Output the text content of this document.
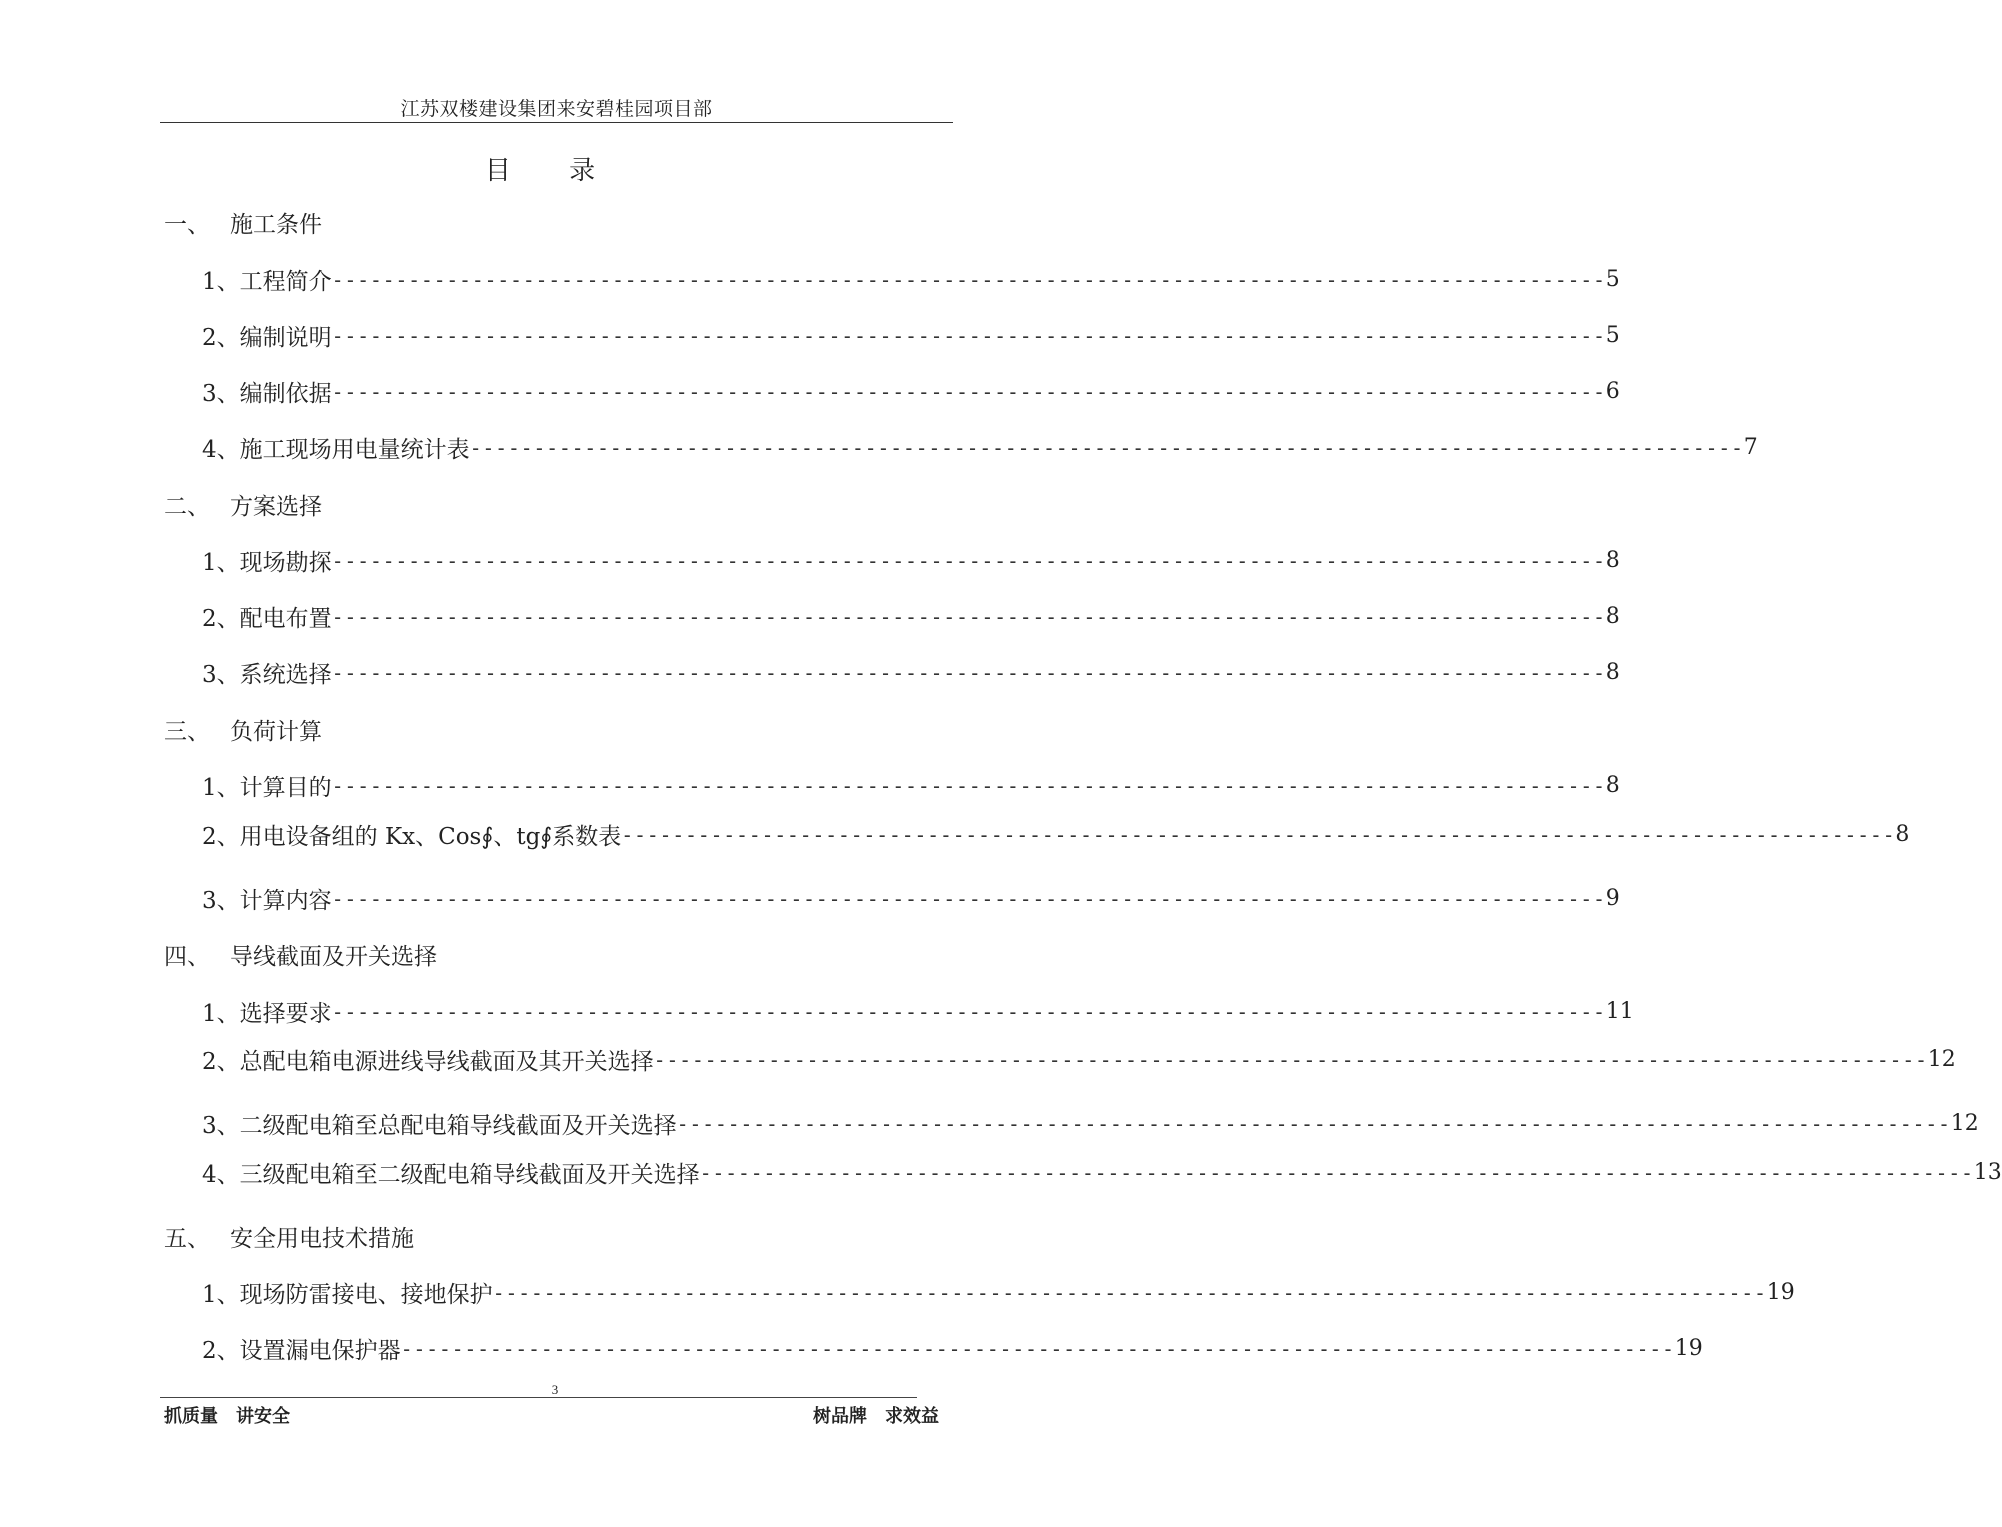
江苏双楼建设集团来安碧桂园项目部
目 录
一、 施工条件
1、 工程简介 ---------------------------------------------------------------------------------------------------- 5
2、 编制说明 ---------------------------------------------------------------------------------------------------- 5
3、 编制依据 ---------------------------------------------------------------------------------------------------- 6
4、 施工现场用电量统计表 ---------------------------------------------------------------------------------------------------- 7
二、 方案选择
1、 现场勘探 ---------------------------------------------------------------------------------------------------- 8
2、 配电布置 ---------------------------------------------------------------------------------------------------- 8
3、 系统选择 ---------------------------------------------------------------------------------------------------- 8
三、 负荷计算
1、 计算目的 ---------------------------------------------------------------------------------------------------- 8
2、 用电设备组的 Kx、Cos∮、tg∮系数表 ---------------------------------------------------------------------------------------------------- 8
3、 计算内容 ---------------------------------------------------------------------------------------------------- 9
四、 导线截面及开关选择
1、 选择要求 ---------------------------------------------------------------------------------------------------- 11
2、 总配电箱电源进线导线截面及其开关选择 ---------------------------------------------------------------------------------------------------- 12
3、 二级配电箱至总配电箱导线截面及开关选择 ---------------------------------------------------------------------------------------------------- 12
4、 三级配电箱至二级配电箱导线截面及开关选择 ---------------------------------------------------------------------------------------------------- 13
五、 安全用电技术措施
1、 现场防雷接电、接地保护 ---------------------------------------------------------------------------------------------------- 19
2、 设置漏电保护器 ---------------------------------------------------------------------------------------------------- 19
3
抓质量 讲安全	树品牌 求效益
